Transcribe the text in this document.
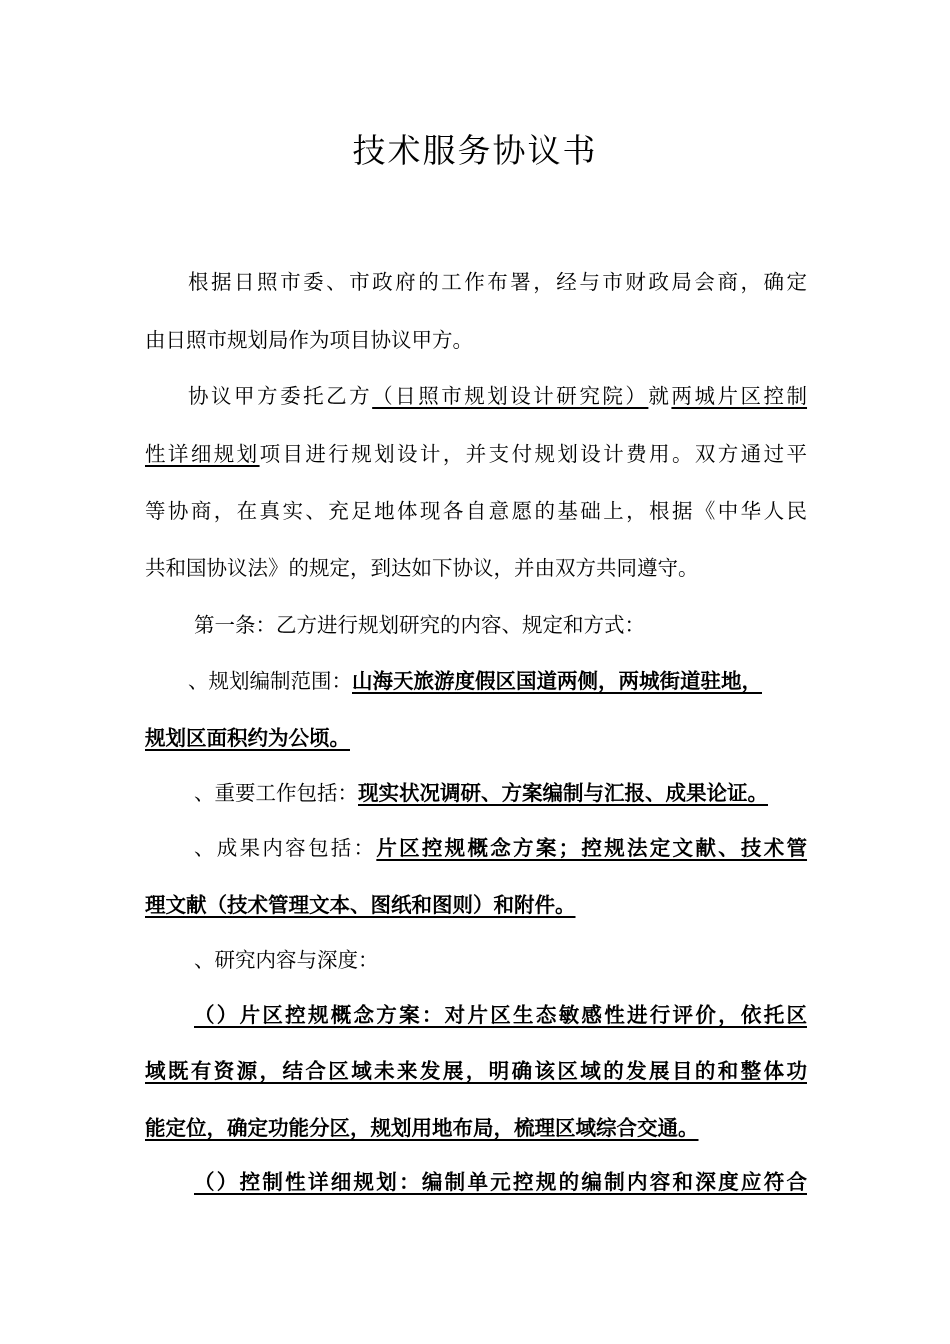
技术服务协议书
根据日照市委、市政府的工作布署，经与市财政局会商，确定
由日照市规划局作为项目协议甲方。
协议甲方委托乙方（日照市规划设计研究院）就两城片区控制
性详细规划项目进行规划设计，并支付规划设计费用。双方通过平
等协商，在真实、充足地体现各自意愿的基础上，根据《中华人民
共和国协议法》的规定，到达如下协议，并由双方共同遵守。
第一条：乙方进行规划研究的内容、规定和方式：
、规划编制范围：山海天旅游度假区国道两侧，两城街道驻地，
规划区面积约为公顷。
、重要工作包括：现实状况调研、方案编制与汇报、成果论证。
、成果内容包括：片区控规概念方案；控规法定文献、技术管
理文献（技术管理文本、图纸和图则）和附件。
、研究内容与深度：
（）片区控规概念方案：对片区生态敏感性进行评价，依托区
域既有资源，结合区域未来发展，明确该区域的发展目的和整体功
能定位，确定功能分区，规划用地布局，梳理区域综合交通。
（）控制性详细规划：编制单元控规的编制内容和深度应符合
